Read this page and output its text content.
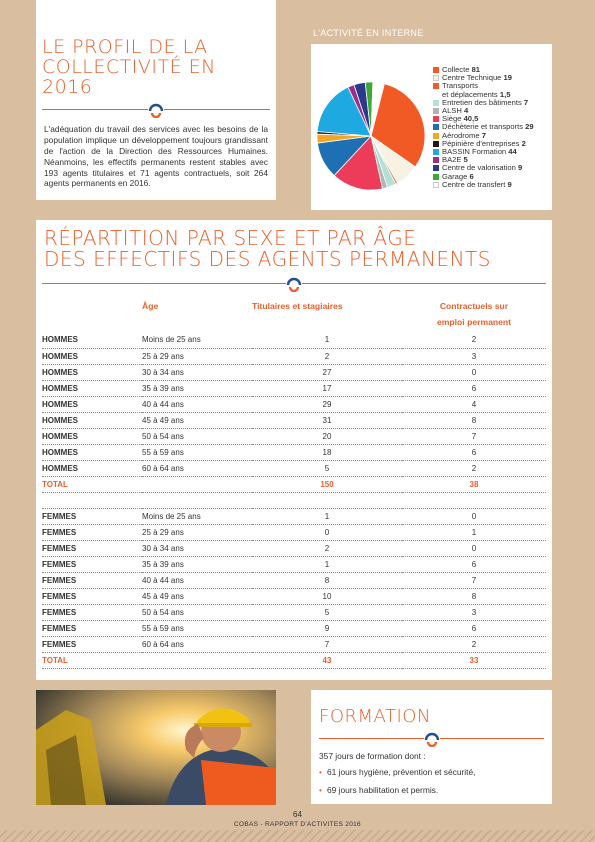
LE PROFIL DE LA
COLLECTIVITÉ EN 2016

L'adéquation du travail des services avec les besoins de la population implique un développement toujours grandissant de l'action de la Direction des Ressources Humaines. Néanmoins, les effectifs permanents restent stables avec 193 agents titulaires et 71 agents contractuels, soit 264 agents permanents en 2016.

L'ACTIVITÉ EN INTERNE
Collecte 81
Centre Technique 19
Transports
et déplacements 1,5
Entretien des bâtiments 7
ALSH 4
Siège 40,5
Déchèterie et transports 29
Aérodrome 7
Pépinière d'entreprises 2
BASSIN Formation 44
BA2E 5
Centre de valorisation 9
Garage 6
Centre de transfert 9
RÉPARTITION PAR SEXE ET PAR ÂGE
DES EFFECTIFS DES AGENTS PERMANENTS
	Âge	Titulaires et stagiaires	Contractuels sur
emploi permanent

HOMMES	Moins de 25 ans	1	2
HOMMES	25 à 29 ans	2	3
HOMMES	30 à 34 ans	27	0
HOMMES	35 à 39 ans	17	6
HOMMES	40 à 44 ans	29	4
HOMMES	45 à 49 ans	31	8
HOMMES	50 à 54 ans	20	7
HOMMES	55 à 59 ans	18	6
HOMMES	60 à 64 ans	5	2
TOTAL		150	38

FEMMES	Moins de 25 ans	1	0
FEMMES	25 à 29 ans	0	1
FEMMES	30 à 34 ans	2	0
FEMMES	35 à 39 ans	1	6
FEMMES	40 à 44 ans	8	7
FEMMES	45 à 49 ans	10	8
FEMMES	50 à 54 ans	5	3
FEMMES	55 à 59 ans	9	6
FEMMES	60 à 64 ans	7	2
TOTAL		43	33
FORMATION
357 jours de formation dont :
• 61 jours hygiène, prévention et sécurité,
• 69 jours habilitation et permis.
64
COBAS - RAPPORT D'ACTIVITES 2016
